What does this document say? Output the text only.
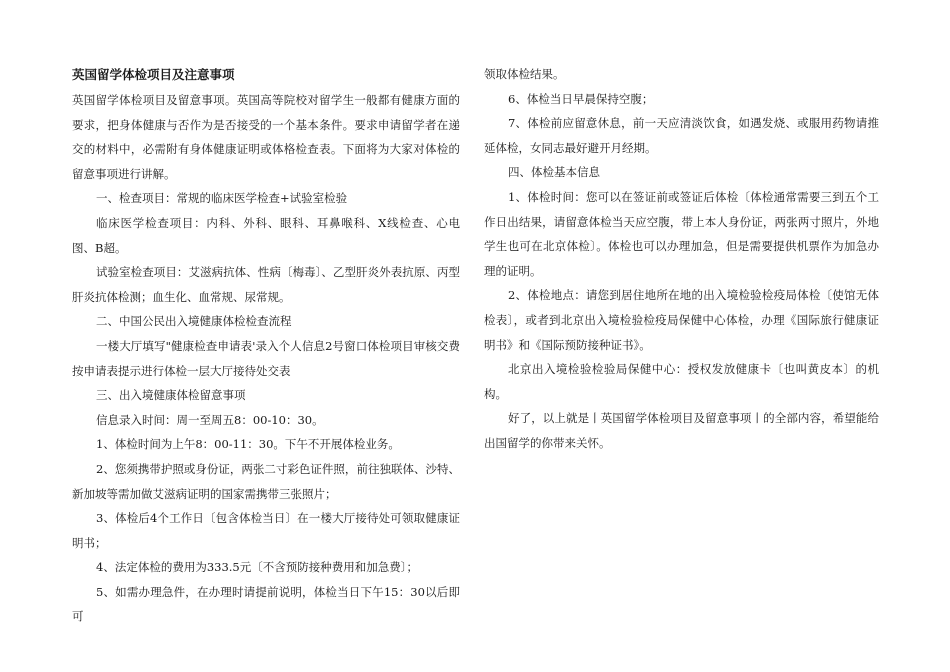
英国留学体检项目及注意事项

英国留学体检项目及留意事项。英国高等院校对留学生一般都有健康方面的要求，把身体健康与否作为是否接受的一个基本条件。要求申请留学者在递交的材料中，必需附有身体健康证明或体格检查表。下面将为大家对体检的留意事项进行讲解。

一、检查项目：常规的临床医学检查+试验室检验

临床医学检查项目：内科、外科、眼科、耳鼻喉科、X线检查、心电图、B超。

试验室检查项目：艾滋病抗体、性病〔梅毒〕、乙型肝炎外表抗原、丙型肝炎抗体检测；血生化、血常规、尿常规。

二、中国公民出入境健康体检检查流程

一楼大厅填写"健康检查申请表'录入个人信息2号窗口体检项目审核交费按申请表提示进行体检一层大厅接待处交表

三、出入境健康体检留意事项

信息录入时间：周一至周五8：00-10：30。

1、体检时间为上午8：00-11：30。下午不开展体检业务。

2、您须携带护照或身份证，两张二寸彩色证件照，前往独联体、沙特、新加坡等需加做艾滋病证明的国家需携带三张照片；

3、体检后4个工作日〔包含体检当日〕在一楼大厅接待处可领取健康证明书；

4、法定体检的费用为333.5元〔不含预防接种费用和加急费〕；

5、如需办理急件，在办理时请提前说明，体检当日下午15：30以后即可

领取体检结果。

6、体检当日早晨保持空腹；

7、体检前应留意休息，前一天应清淡饮食，如遇发烧、或服用药物请推延体检，女同志最好避开月经期。

四、体检基本信息

1、体检时间：您可以在签证前或签证后体检〔体检通常需要三到五个工作日出结果，请留意体检当天应空腹，带上本人身份证，两张两寸照片，外地学生也可在北京体检〕。体检也可以办理加急，但是需要提供机票作为加急办理的证明。

2、体检地点：请您到居住地所在地的出入境检验检疫局体检〔使馆无体检表〕，或者到北京出入境检验检疫局保健中心体检，办理《国际旅行健康证明书》和《国际预防接种证书》。

北京出入境检验检验局保健中心：授权发放健康卡〔也叫黄皮本〕的机构。

好了，以上就是丨英国留学体检项目及留意事项丨的全部内容，希望能给出国留学的你带来关怀。
